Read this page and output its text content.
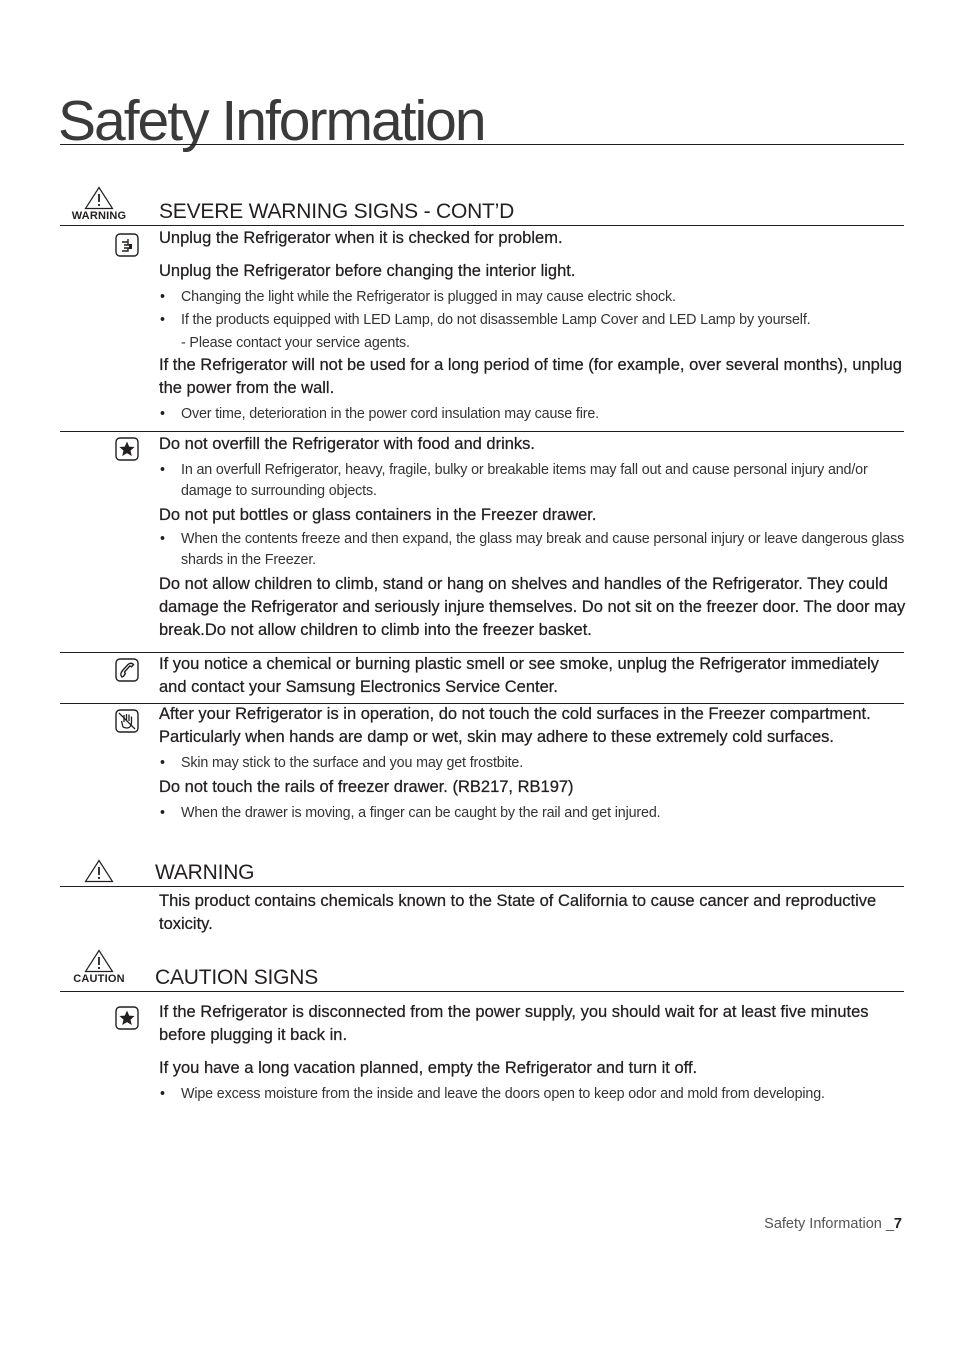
Safety Information
WARNING	SEVERE WARNING SIGNS - CONT’D

Unplug the Refrigerator when it is checked for problem.

Unplug the Refrigerator before changing the interior light.

• Changing the light while the Refrigerator is plugged in may cause electric shock.

• If the products equipped with LED Lamp, do not disassemble Lamp Cover and LED Lamp by yourself.

- Please contact your service agents.

If the Refrigerator will not be used for a long period of time (for example, over several months), unplug the power from the wall.

• Over time, deterioration in the power cord insulation may cause fire.

Do not overfill the Refrigerator with food and drinks.

• In an overfull Refrigerator, heavy, fragile, bulky or breakable items may fall out and cause personal injury and/or damage to surrounding objects.

Do not put bottles or glass containers in the Freezer drawer.

• When the contents freeze and then expand, the glass may break and cause personal injury or leave dangerous glass shards in the Freezer.

Do not allow children to climb, stand or hang on shelves and handles of the Refrigerator. They could damage the Refrigerator and seriously injure themselves. Do not sit on the freezer door. The door may break.Do not allow children to climb into the freezer basket.

If you notice a chemical or burning plastic smell or see smoke, unplug the Refrigerator immediately and contact your Samsung Electronics Service Center.

After your Refrigerator is in operation, do not touch the cold surfaces in the Freezer compartment. Particularly when hands are damp or wet, skin may adhere to these extremely cold surfaces.

• Skin may stick to the surface and you may get frostbite.

Do not touch the rails of freezer drawer. (RB217, RB197)

• When the drawer is moving, a finger can be caught by the rail and get injured.

WARNING

This product contains chemicals known to the State of California to cause cancer and reproductive toxicity.

CAUTION	CAUTION SIGNS

If the Refrigerator is disconnected from the power supply, you should wait for at least five minutes before plugging it back in.

If you have a long vacation planned, empty the Refrigerator and turn it off.

• Wipe excess moisture from the inside and leave the doors open to keep odor and mold from developing.

Safety Information _7
